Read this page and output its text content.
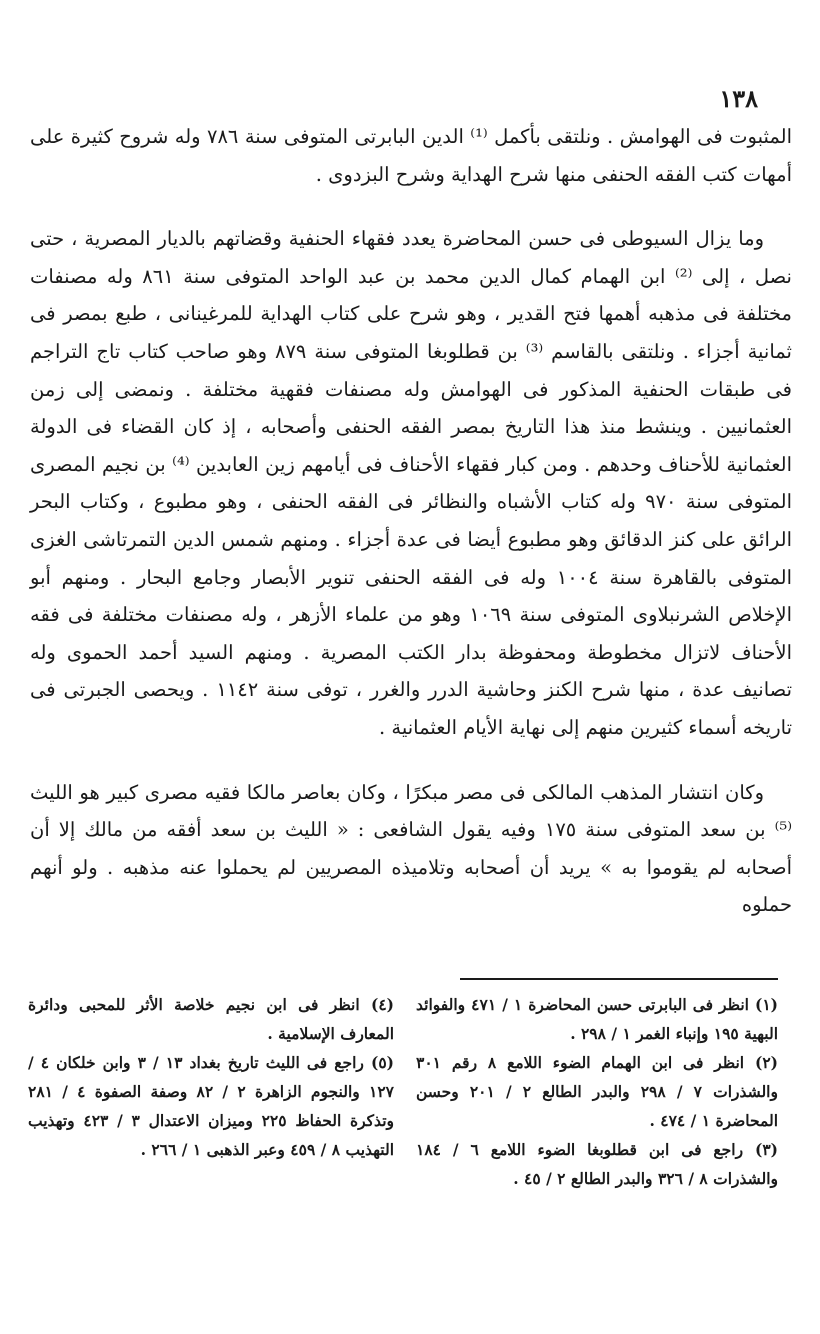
١٣٨

المثبوت فى الهوامش . ونلتقى بأكمل ⁽¹⁾ الدين البابرتى المتوفى سنة ٧٨٦ وله شروح كثيرة على أمهات كتب الفقه الحنفى منها شرح الهداية وشرح البزدوى .

وما يزال السيوطى فى حسن المحاضرة يعدد فقهاء الحنفية وقضاتهم بالديار المصرية ، حتى نصل ، إلى ⁽²⁾ ابن الهمام كمال الدين محمد بن عبد الواحد المتوفى سنة ٨٦١ وله مصنفات مختلفة فى مذهبه أهمها فتح القدير ، وهو شرح على كتاب الهداية للمرغينانى ، طبع بمصر فى ثمانية أجزاء . ونلتقى بالقاسم ⁽³⁾ بن قطلوبغا المتوفى سنة ٨٧٩ وهو صاحب كتاب تاج التراجم فى طبقات الحنفية المذكور فى الهوامش وله مصنفات فقهية مختلفة . ونمضى إلى زمن العثمانيين . وينشط منذ هذا التاريخ بمصر الفقه الحنفى وأصحابه ، إذ كان القضاء فى الدولة العثمانية للأحناف وحدهم . ومن كبار فقهاء الأحناف فى أيامهم زين العابدين ⁽⁴⁾ بن نجيم المصرى المتوفى سنة ٩٧٠ وله كتاب الأشباه والنظائر فى الفقه الحنفى ، وهو مطبوع ، وكتاب البحر الرائق على كنز الدقائق وهو مطبوع أيضا فى عدة أجزاء . ومنهم شمس الدين التمرتاشى الغزى المتوفى بالقاهرة سنة ١٠٠٤ وله فى الفقه الحنفى تنوير الأبصار وجامع البحار . ومنهم أبو الإخلاص الشرنبلاوى المتوفى سنة ١٠٦٩ وهو من علماء الأزهر ، وله مصنفات مختلفة فى فقه الأحناف لاتزال مخطوطة ومحفوظة بدار الكتب المصرية . ومنهم السيد أحمد الحموى وله تصانيف عدة ، منها شرح الكنز وحاشية الدرر والغرر ، توفى سنة ١١٤٢ . ويحصى الجبرتى فى تاريخه أسماء كثيرين منهم إلى نهاية الأيام العثمانية .

وكان انتشار المذهب المالكى فى مصر مبكرًا ، وكان بعاصر مالكا فقيه مصرى كبير هو الليث ⁽⁵⁾ بن سعد المتوفى سنة ١٧٥ وفيه يقول الشافعى : « الليث بن سعد أفقه من مالك إلا أن أصحابه لم يقوموا به » يريد أن أصحابه وتلاميذه المصريين لم يحملوا عنه مذهبه . ولو أنهم حملوه

(١) انظر فى البابرتى حسن المحاضرة ١ / ٤٧١ والفوائد البهية ١٩٥ وإنباء الغمر ١ / ٢٩٨ .

(٢) انظر فى ابن الهمام الضوء اللامع ٨ رقم ٣٠١ والشذرات ٧ / ٢٩٨ والبدر الطالع ٢ / ٢٠١ وحسن المحاضرة ١ / ٤٧٤ .

(٣) راجع فى ابن قطلوبغا الضوء اللامع ٦ / ١٨٤ والشذرات ٨ / ٣٢٦ والبدر الطالع ٢ / ٤٥ .

(٤) انظر فى ابن نجيم خلاصة الأثر للمحبى ودائرة المعارف الإسلامية .

(٥) راجع فى الليث تاريخ بغداد ١٣ / ٣ وابن خلكان ٤ / ١٢٧ والنجوم الزاهرة ٢ / ٨٢ وصفة الصفوة ٤ / ٢٨١ وتذكرة الحفاظ ٢٢٥ وميزان الاعتدال ٣ / ٤٢٣ وتهذيب التهذيب ٨ / ٤٥٩ وعبر الذهبى ١ / ٢٦٦ .
